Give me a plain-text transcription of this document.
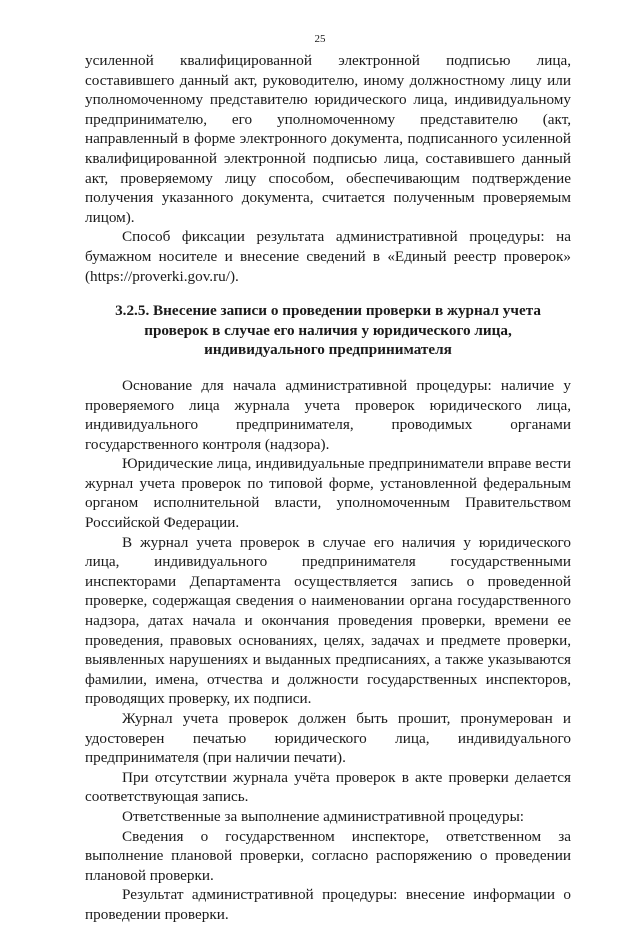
25

усиленной квалифицированной электронной подписью лица, составившего данный акт, руководителю, иному должностному лицу или уполномоченному представителю юридического лица, индивидуальному предпринимателю, его уполномоченному представителю (акт, направленный в форме электронного документа, подписанного усиленной квалифицированной электронной подписью лица, составившего данный акт, проверяемому лицу способом, обеспечивающим подтверждение получения указанного документа, считается полученным проверяемым лицом).

Способ фиксации результата административной процедуры: на бумажном носителе и внесение сведений в «Единый реестр проверок» (https://proverki.gov.ru/).

3.2.5. Внесение записи о проведении проверки в журнал учета
проверок в случае его наличия у юридического лица,
индивидуального предпринимателя

Основание для начала административной процедуры: наличие у проверяемого лица журнала учета проверок юридического лица, индивидуального предпринимателя, проводимых органами государственного контроля (надзора).

Юридические лица, индивидуальные предприниматели вправе вести журнал учета проверок по типовой форме, установленной федеральным органом исполнительной власти, уполномоченным Правительством Российской Федерации.

В журнал учета проверок в случае его наличия у юридического лица, индивидуального предпринимателя государственными инспекторами Департамента осуществляется запись о проведенной проверке, содержащая сведения о наименовании органа государственного надзора, датах начала и окончания проведения проверки, времени ее проведения, правовых основаниях, целях, задачах и предмете проверки, выявленных нарушениях и выданных предписаниях, а также указываются фамилии, имена, отчества и должности государственных инспекторов, проводящих проверку, их подписи.

Журнал учета проверок должен быть прошит, пронумерован и удостоверен печатью юридического лица, индивидуального предпринимателя (при наличии печати).

При отсутствии журнала учёта проверок в акте проверки делается соответствующая запись.

Ответственные за выполнение административной процедуры:

Сведения о государственном инспекторе, ответственном за выполнение плановой проверки, согласно распоряжению о проведении плановой проверки.

Результат административной процедуры: внесение информации о проведении проверки.
